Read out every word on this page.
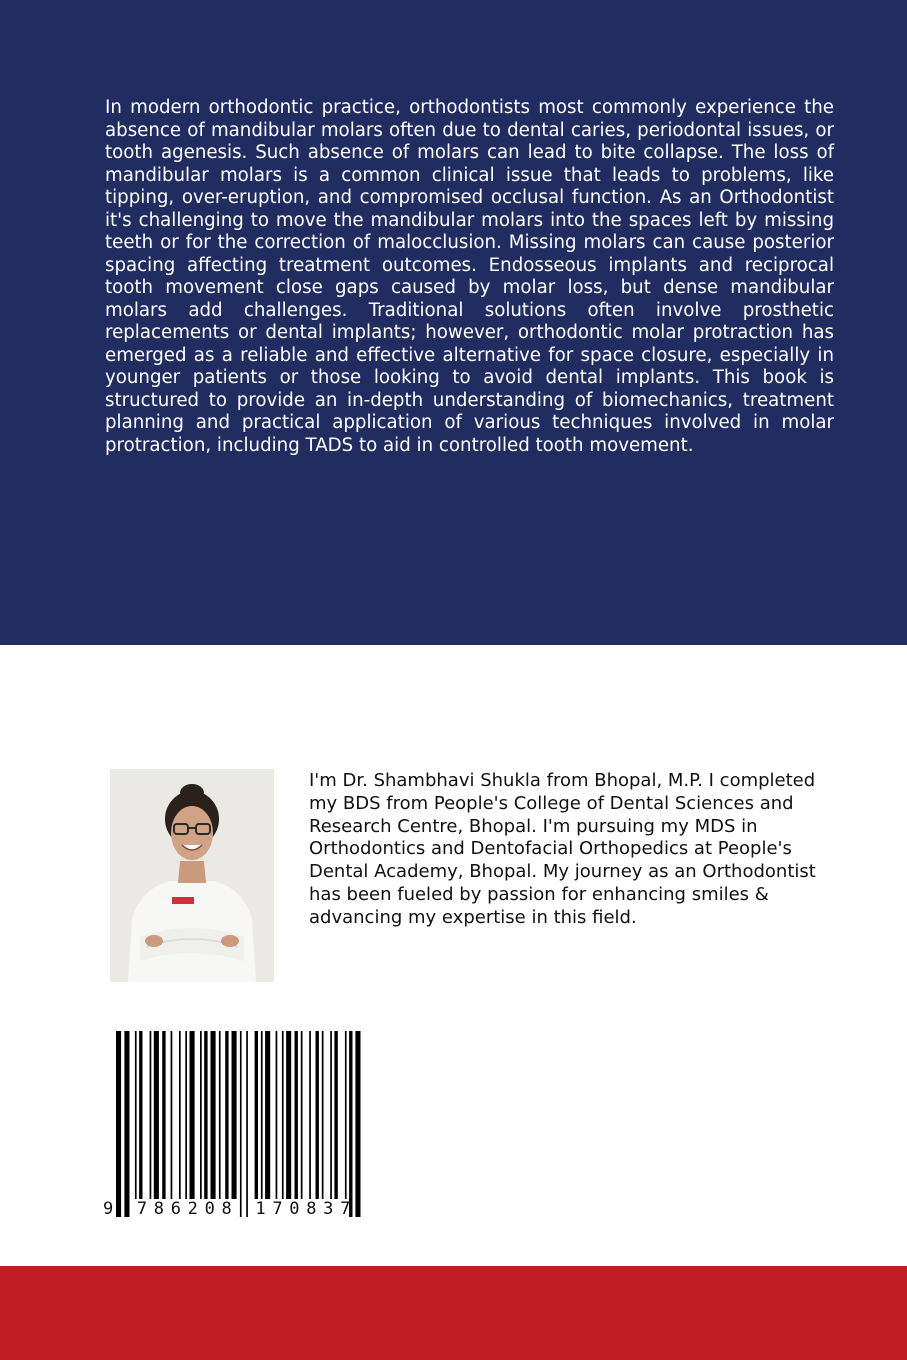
In modern orthodontic practice, orthodontists most commonly experience the absence of mandibular molars often due to dental caries, periodontal issues, or tooth agenesis. Such absence of molars can lead to bite collapse. The loss of mandibular molars is a common clinical issue that leads to problems, like tipping, over-eruption, and compromised occlusal function. As an Orthodontist it's challenging to move the mandibular molars into the spaces left by missing teeth or for the correction of malocclusion. Missing molars can cause posterior spacing affecting treatment outcomes. Endosseous implants and reciprocal tooth movement close gaps caused by molar loss, but dense mandibular molars add challenges. Traditional solutions often involve prosthetic replacements or dental implants; however, orthodontic molar protraction has emerged as a reliable and effective alternative for space closure, especially in younger patients or those looking to avoid dental implants. This book is structured to provide an in-depth understanding of biomechanics, treatment planning and practical application of various techniques involved in molar protraction, including TADS to aid in controlled tooth movement.

I'm Dr. Shambhavi Shukla from Bhopal, M.P. I completed my BDS from People's College of Dental Sciences and Research Centre, Bhopal. I'm pursuing my MDS in Orthodontics and Dentofacial Orthopedics at People's Dental Academy, Bhopal. My journey as an Orthodontist has been fueled by passion for enhancing smiles & advancing my expertise in this field.

9 786208 170837
